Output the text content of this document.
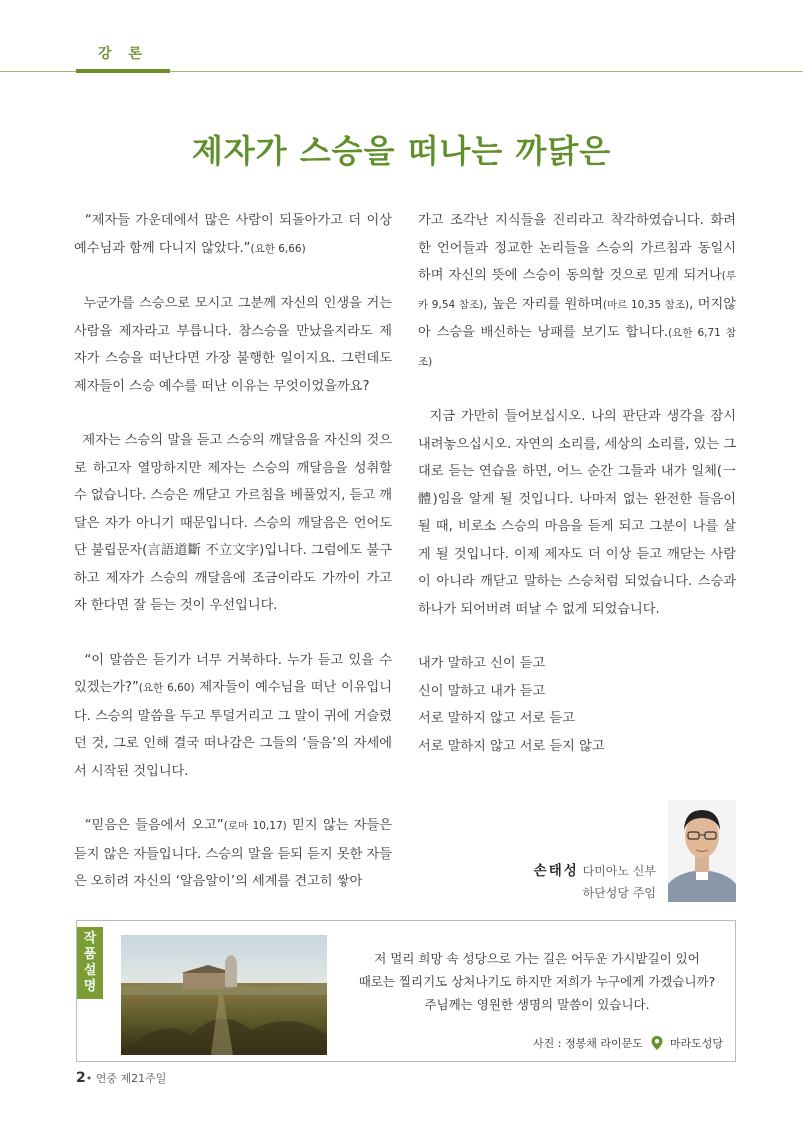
강 론
제자가 스승을 떠나는 까닭은

“제자들 가운데에서 많은 사람이 되돌아가고 더 이상 예수님과 함께 다니지 않았다.”(요한 6,66)

누군가를 스승으로 모시고 그분께 자신의 인생을 거는 사람을 제자라고 부릅니다. 참스승을 만났을지라도 제자가 스승을 떠난다면 가장 불행한 일이지요. 그런데도 제자들이 스승 예수를 떠난 이유는 무엇이었을까요?

제자는 스승의 말을 듣고 스승의 깨달음을 자신의 것으로 하고자 열망하지만 제자는 스승의 깨달음을 성취할 수 없습니다. 스승은 깨닫고 가르침을 베풀었지, 듣고 깨달은 자가 아니기 때문입니다. 스승의 깨달음은 언어도단 불립문자(言語道斷 不立文字)입니다. 그럼에도 불구하고 제자가 스승의 깨달음에 조금이라도 가까이 가고자 한다면 잘 듣는 것이 우선입니다.

“이 말씀은 듣기가 너무 거북하다. 누가 듣고 있을 수 있겠는가?”(요한 6,60) 제자들이 예수님을 떠난 이유입니다. 스승의 말씀을 두고 투덜거리고 그 말이 귀에 거슬렸던 것, 그로 인해 결국 떠나감은 그들의 ‘들음’의 자세에서 시작된 것입니다.

“믿음은 들음에서 오고”(로마 10,17) 믿지 않는 자들은 듣지 않은 자들입니다. 스승의 말을 듣되 듣지 못한 자들은 오히려 자신의 ‘알음알이’의 세계를 견고히 쌓아

가고 조각난 지식들을 진리라고 착각하였습니다. 화려한 언어들과 정교한 논리들을 스승의 가르침과 동일시하며 자신의 뜻에 스승이 동의할 것으로 믿게 되거나(루카 9,54 참조), 높은 자리를 원하며(마르 10,35 참조), 머지않아 스승을 배신하는 낭패를 보기도 합니다.(요한 6,71 참조)

지금 가만히 들어보십시오. 나의 판단과 생각을 잠시 내려놓으십시오. 자연의 소리를, 세상의 소리를, 있는 그대로 듣는 연습을 하면, 어느 순간 그들과 내가 일체(一體)임을 알게 될 것입니다. 나마저 없는 완전한 들음이 될 때, 비로소 스승의 마음을 듣게 되고 그분이 나를 살게 될 것입니다. 이제 제자도 더 이상 듣고 깨닫는 사람이 아니라 깨닫고 말하는 스승처럼 되었습니다. 스승과 하나가 되어버려 떠날 수 없게 되었습니다.

내가 말하고 신이 듣고

신이 말하고 내가 듣고

서로 말하지 않고 서로 듣고

서로 말하지 않고 서로 듣지 않고

손태성 다미아노 신부
하단성당 주임
작
품
설
명
저 멀리 희망 속 성당으로 가는 길은 어두운 가시밭길이 있어
때로는 찔리기도 상처나기도 하지만 저희가 누구에게 가겠습니까?
주님께는 영원한 생명의 말씀이 있습니다.
사진 : 정봉채 라이문도 마라도성당
2• 연중 제21주일
